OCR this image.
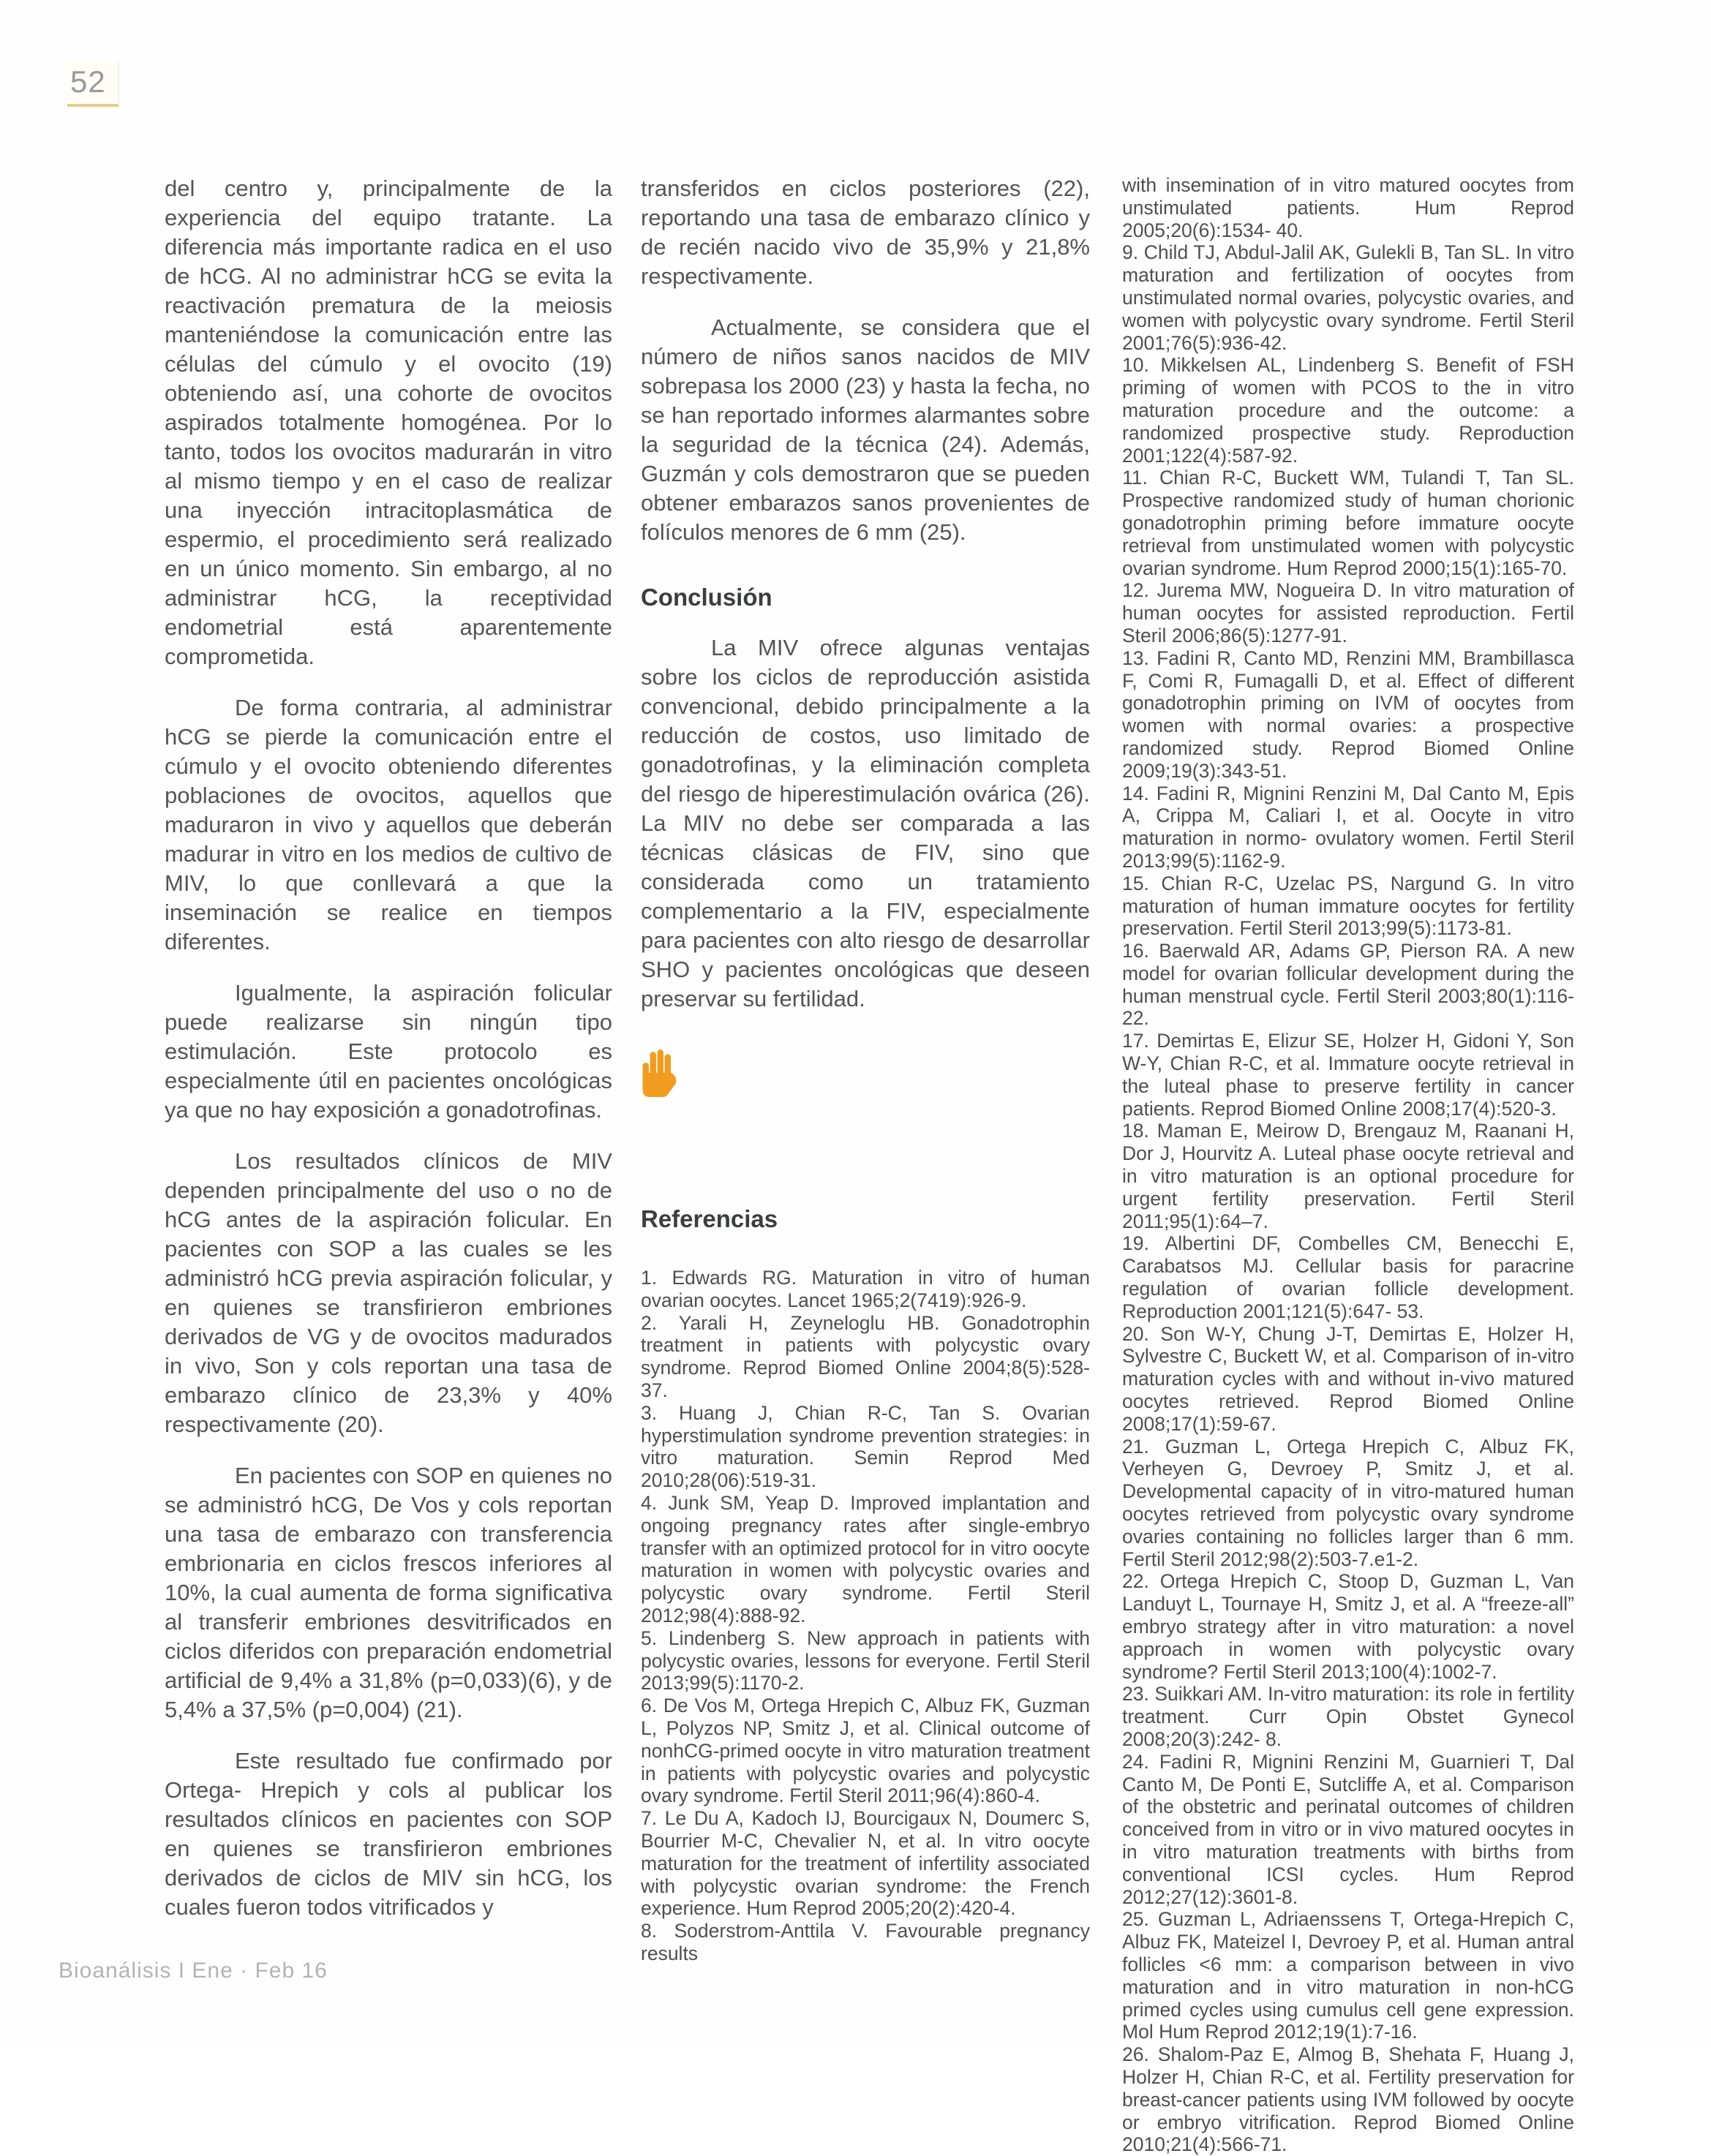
52

del centro y, principalmente de la experiencia del equipo tratante. La diferencia más importante radica en el uso de hCG. Al no administrar hCG se evita la reactivación prematura de la meiosis manteniéndose la comunicación entre las células del cúmulo y el ovocito (19) obteniendo así, una cohorte de ovocitos aspirados totalmente homogénea. Por lo tanto, todos los ovocitos madurarán in vitro al mismo tiempo y en el caso de realizar una inyección intracitoplasmática de espermio, el procedimiento será realizado en un único momento. Sin embargo, al no administrar hCG, la receptividad endometrial está aparentemente comprometida.

De forma contraria, al administrar hCG se pierde la comunicación entre el cúmulo y el ovocito obteniendo diferentes poblaciones de ovocitos, aquellos que maduraron in vivo y aquellos que deberán madurar in vitro en los medios de cultivo de MIV, lo que conllevará a que la inseminación se realice en tiempos diferentes.

Igualmente, la aspiración folicular puede realizarse sin ningún tipo estimulación. Este protocolo es especialmente útil en pacientes oncológicas ya que no hay exposición a gonadotrofinas.

Los resultados clínicos de MIV dependen principalmente del uso o no de hCG antes de la aspiración folicular. En pacientes con SOP a las cuales se les administró hCG previa aspiración folicular, y en quienes se transfirieron embriones derivados de VG y de ovocitos madurados in vivo, Son y cols reportan una tasa de embarazo clínico de 23,3% y 40% respectivamente (20).

En pacientes con SOP en quienes no se administró hCG, De Vos y cols reportan una tasa de embarazo con transferencia embrionaria en ciclos frescos inferiores al 10%, la cual aumenta de forma significativa al transferir embriones desvitrificados en ciclos diferidos con preparación endometrial artificial de 9,4% a 31,8% (p=0,033)(6), y de 5,4% a 37,5% (p=0,004) (21).

Este resultado fue confirmado por Ortega- Hrepich y cols al publicar los resultados clínicos en pacientes con SOP en quienes se transfirieron embriones derivados de ciclos de MIV sin hCG, los cuales fueron todos vitrificados y

transferidos en ciclos posteriores (22), reportando una tasa de embarazo clínico y de recién nacido vivo de 35,9% y 21,8% respectivamente.

Actualmente, se considera que el número de niños sanos nacidos de MIV sobrepasa los 2000 (23) y hasta la fecha, no se han reportado informes alarmantes sobre la seguridad de la técnica (24). Además, Guzmán y cols demostraron que se pueden obtener embarazos sanos provenientes de folículos menores de 6 mm (25).

Conclusión

La MIV ofrece algunas ventajas sobre los ciclos de reproducción asistida convencional, debido principalmente a la reducción de costos, uso limitado de gonadotrofinas, y la eliminación completa del riesgo de hiperestimulación ovárica (26). La MIV no debe ser comparada a las técnicas clásicas de FIV, sino que considerada como un tratamiento complementario a la FIV, especialmente para pacientes con alto riesgo de desarrollar SHO y pacientes oncológicas que deseen preservar su fertilidad.

Referencias

1. Edwards RG. Maturation in vitro of human ovarian oocytes. Lancet 1965;2(7419):926-9.

2. Yarali H, Zeyneloglu HB. Gonadotrophin treatment in patients with polycystic ovary syndrome. Reprod Biomed Online 2004;8(5):528-37.

3. Huang J, Chian R-C, Tan S. Ovarian hyperstimulation syndrome prevention strategies: in vitro maturation. Semin Reprod Med 2010;28(06):519-31.

4. Junk SM, Yeap D. Improved implantation and ongoing pregnancy rates after single-embryo transfer with an optimized protocol for in vitro oocyte maturation in women with polycystic ovaries and polycystic ovary syndrome. Fertil Steril 2012;98(4):888-92.

5. Lindenberg S. New approach in patients with polycystic ovaries, lessons for everyone. Fertil Steril 2013;99(5):1170-2.

6. De Vos M, Ortega Hrepich C, Albuz FK, Guzman L, Polyzos NP, Smitz J, et al. Clinical outcome of nonhCG-primed oocyte in vitro maturation treatment in patients with polycystic ovaries and polycystic ovary syndrome. Fertil Steril 2011;96(4):860-4.

7. Le Du A, Kadoch IJ, Bourcigaux N, Doumerc S, Bourrier M-C, Chevalier N, et al. In vitro oocyte maturation for the treatment of infertility associated with polycystic ovarian syndrome: the French experience. Hum Reprod 2005;20(2):420-4.

8. Soderstrom-Anttila V. Favourable pregnancy results

with insemination of in vitro matured oocytes from unstimulated patients. Hum Reprod 2005;20(6):1534- 40.

9. Child TJ, Abdul-Jalil AK, Gulekli B, Tan SL. In vitro maturation and fertilization of oocytes from unstimulated normal ovaries, polycystic ovaries, and women with polycystic ovary syndrome. Fertil Steril 2001;76(5):936-42.

10. Mikkelsen AL, Lindenberg S. Benefit of FSH priming of women with PCOS to the in vitro maturation procedure and the outcome: a randomized prospective study. Reproduction 2001;122(4):587-92.

11. Chian R-C, Buckett WM, Tulandi T, Tan SL. Prospective randomized study of human chorionic gonadotrophin priming before immature oocyte retrieval from unstimulated women with polycystic ovarian syndrome. Hum Reprod 2000;15(1):165-70.

12. Jurema MW, Nogueira D. In vitro maturation of human oocytes for assisted reproduction. Fertil Steril 2006;86(5):1277-91.

13. Fadini R, Canto MD, Renzini MM, Brambillasca F, Comi R, Fumagalli D, et al. Effect of different gonadotrophin priming on IVM of oocytes from women with normal ovaries: a prospective randomized study. Reprod Biomed Online 2009;19(3):343-51.

14. Fadini R, Mignini Renzini M, Dal Canto M, Epis A, Crippa M, Caliari I, et al. Oocyte in vitro maturation in normo- ovulatory women. Fertil Steril 2013;99(5):1162-9.

15. Chian R-C, Uzelac PS, Nargund G. In vitro maturation of human immature oocytes for fertility preservation. Fertil Steril 2013;99(5):1173-81.

16. Baerwald AR, Adams GP, Pierson RA. A new model for ovarian follicular development during the human menstrual cycle. Fertil Steril 2003;80(1):116-22.

17. Demirtas E, Elizur SE, Holzer H, Gidoni Y, Son W-Y, Chian R-C, et al. Immature oocyte retrieval in the luteal phase to preserve fertility in cancer patients. Reprod Biomed Online 2008;17(4):520-3.

18. Maman E, Meirow D, Brengauz M, Raanani H, Dor J, Hourvitz A. Luteal phase oocyte retrieval and in vitro maturation is an optional procedure for urgent fertility preservation. Fertil Steril 2011;95(1):64–7.

19. Albertini DF, Combelles CM, Benecchi E, Carabatsos MJ. Cellular basis for paracrine regulation of ovarian follicle development. Reproduction 2001;121(5):647- 53.

20. Son W-Y, Chung J-T, Demirtas E, Holzer H, Sylvestre C, Buckett W, et al. Comparison of in-vitro maturation cycles with and without in-vivo matured oocytes retrieved. Reprod Biomed Online 2008;17(1):59-67.

21. Guzman L, Ortega Hrepich C, Albuz FK, Verheyen G, Devroey P, Smitz J, et al. Developmental capacity of in vitro-matured human oocytes retrieved from polycystic ovary syndrome ovaries containing no follicles larger than 6 mm. Fertil Steril 2012;98(2):503-7.e1-2.

22. Ortega Hrepich C, Stoop D, Guzman L, Van Landuyt L, Tournaye H, Smitz J, et al. A “freeze-all” embryo strategy after in vitro maturation: a novel approach in women with polycystic ovary syndrome? Fertil Steril 2013;100(4):1002-7.

23. Suikkari AM. In-vitro maturation: its role in fertility treatment. Curr Opin Obstet Gynecol 2008;20(3):242- 8.

24. Fadini R, Mignini Renzini M, Guarnieri T, Dal Canto M, De Ponti E, Sutcliffe A, et al. Comparison of the obstetric and perinatal outcomes of children conceived from in vitro or in vivo matured oocytes in in vitro maturation treatments with births from conventional ICSI cycles. Hum Reprod 2012;27(12):3601-8.

25. Guzman L, Adriaenssens T, Ortega-Hrepich C, Albuz FK, Mateizel I, Devroey P, et al. Human antral follicles <6 mm: a comparison between in vivo maturation and in vitro maturation in non-hCG primed cycles using cumulus cell gene expression. Mol Hum Reprod 2012;19(1):7-16.

26. Shalom-Paz E, Almog B, Shehata F, Huang J, Holzer H, Chian R-C, et al. Fertility preservation for breast-cancer patients using IVM followed by oocyte or embryo vitrification. Reprod Biomed Online 2010;21(4):566-71.

Bioanálisis I Ene · Feb 16
